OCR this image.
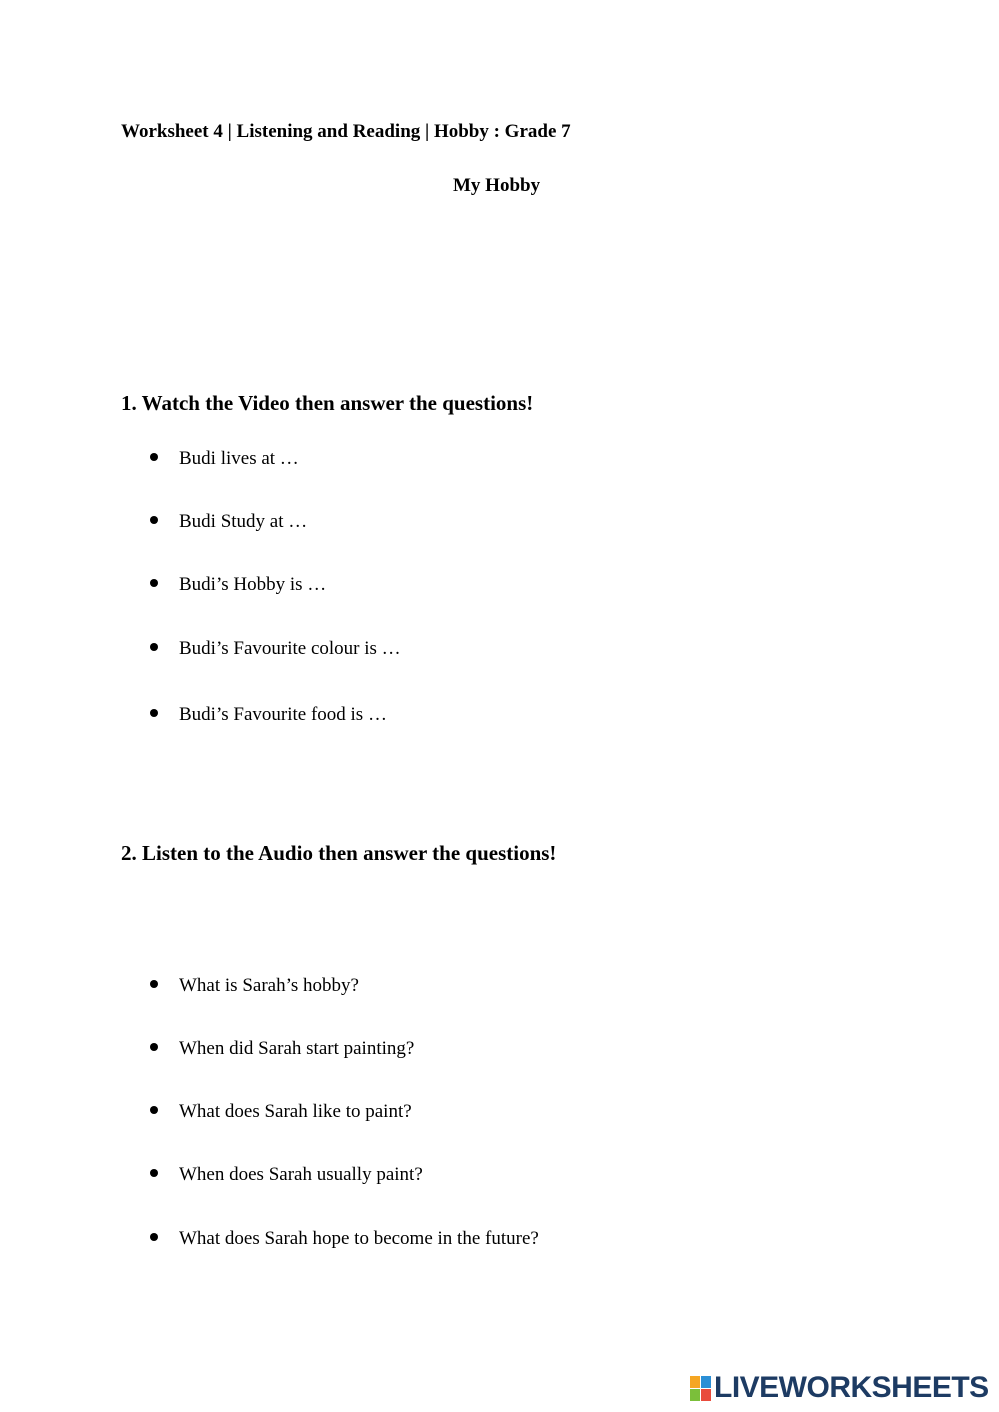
Worksheet 4 | Listening and Reading | Hobby : Grade 7
My Hobby
1. Watch the Video then answer the questions!
Budi lives at …
Budi Study at …
Budi’s Hobby is …
Budi’s Favourite colour is …
Budi’s Favourite food is …
2. Listen to the Audio then answer the questions!
What is Sarah’s hobby?
When did Sarah start painting?
What does Sarah like to paint?
When does Sarah usually paint?
What does Sarah hope to become in the future?
LIVEWORKSHEETS
